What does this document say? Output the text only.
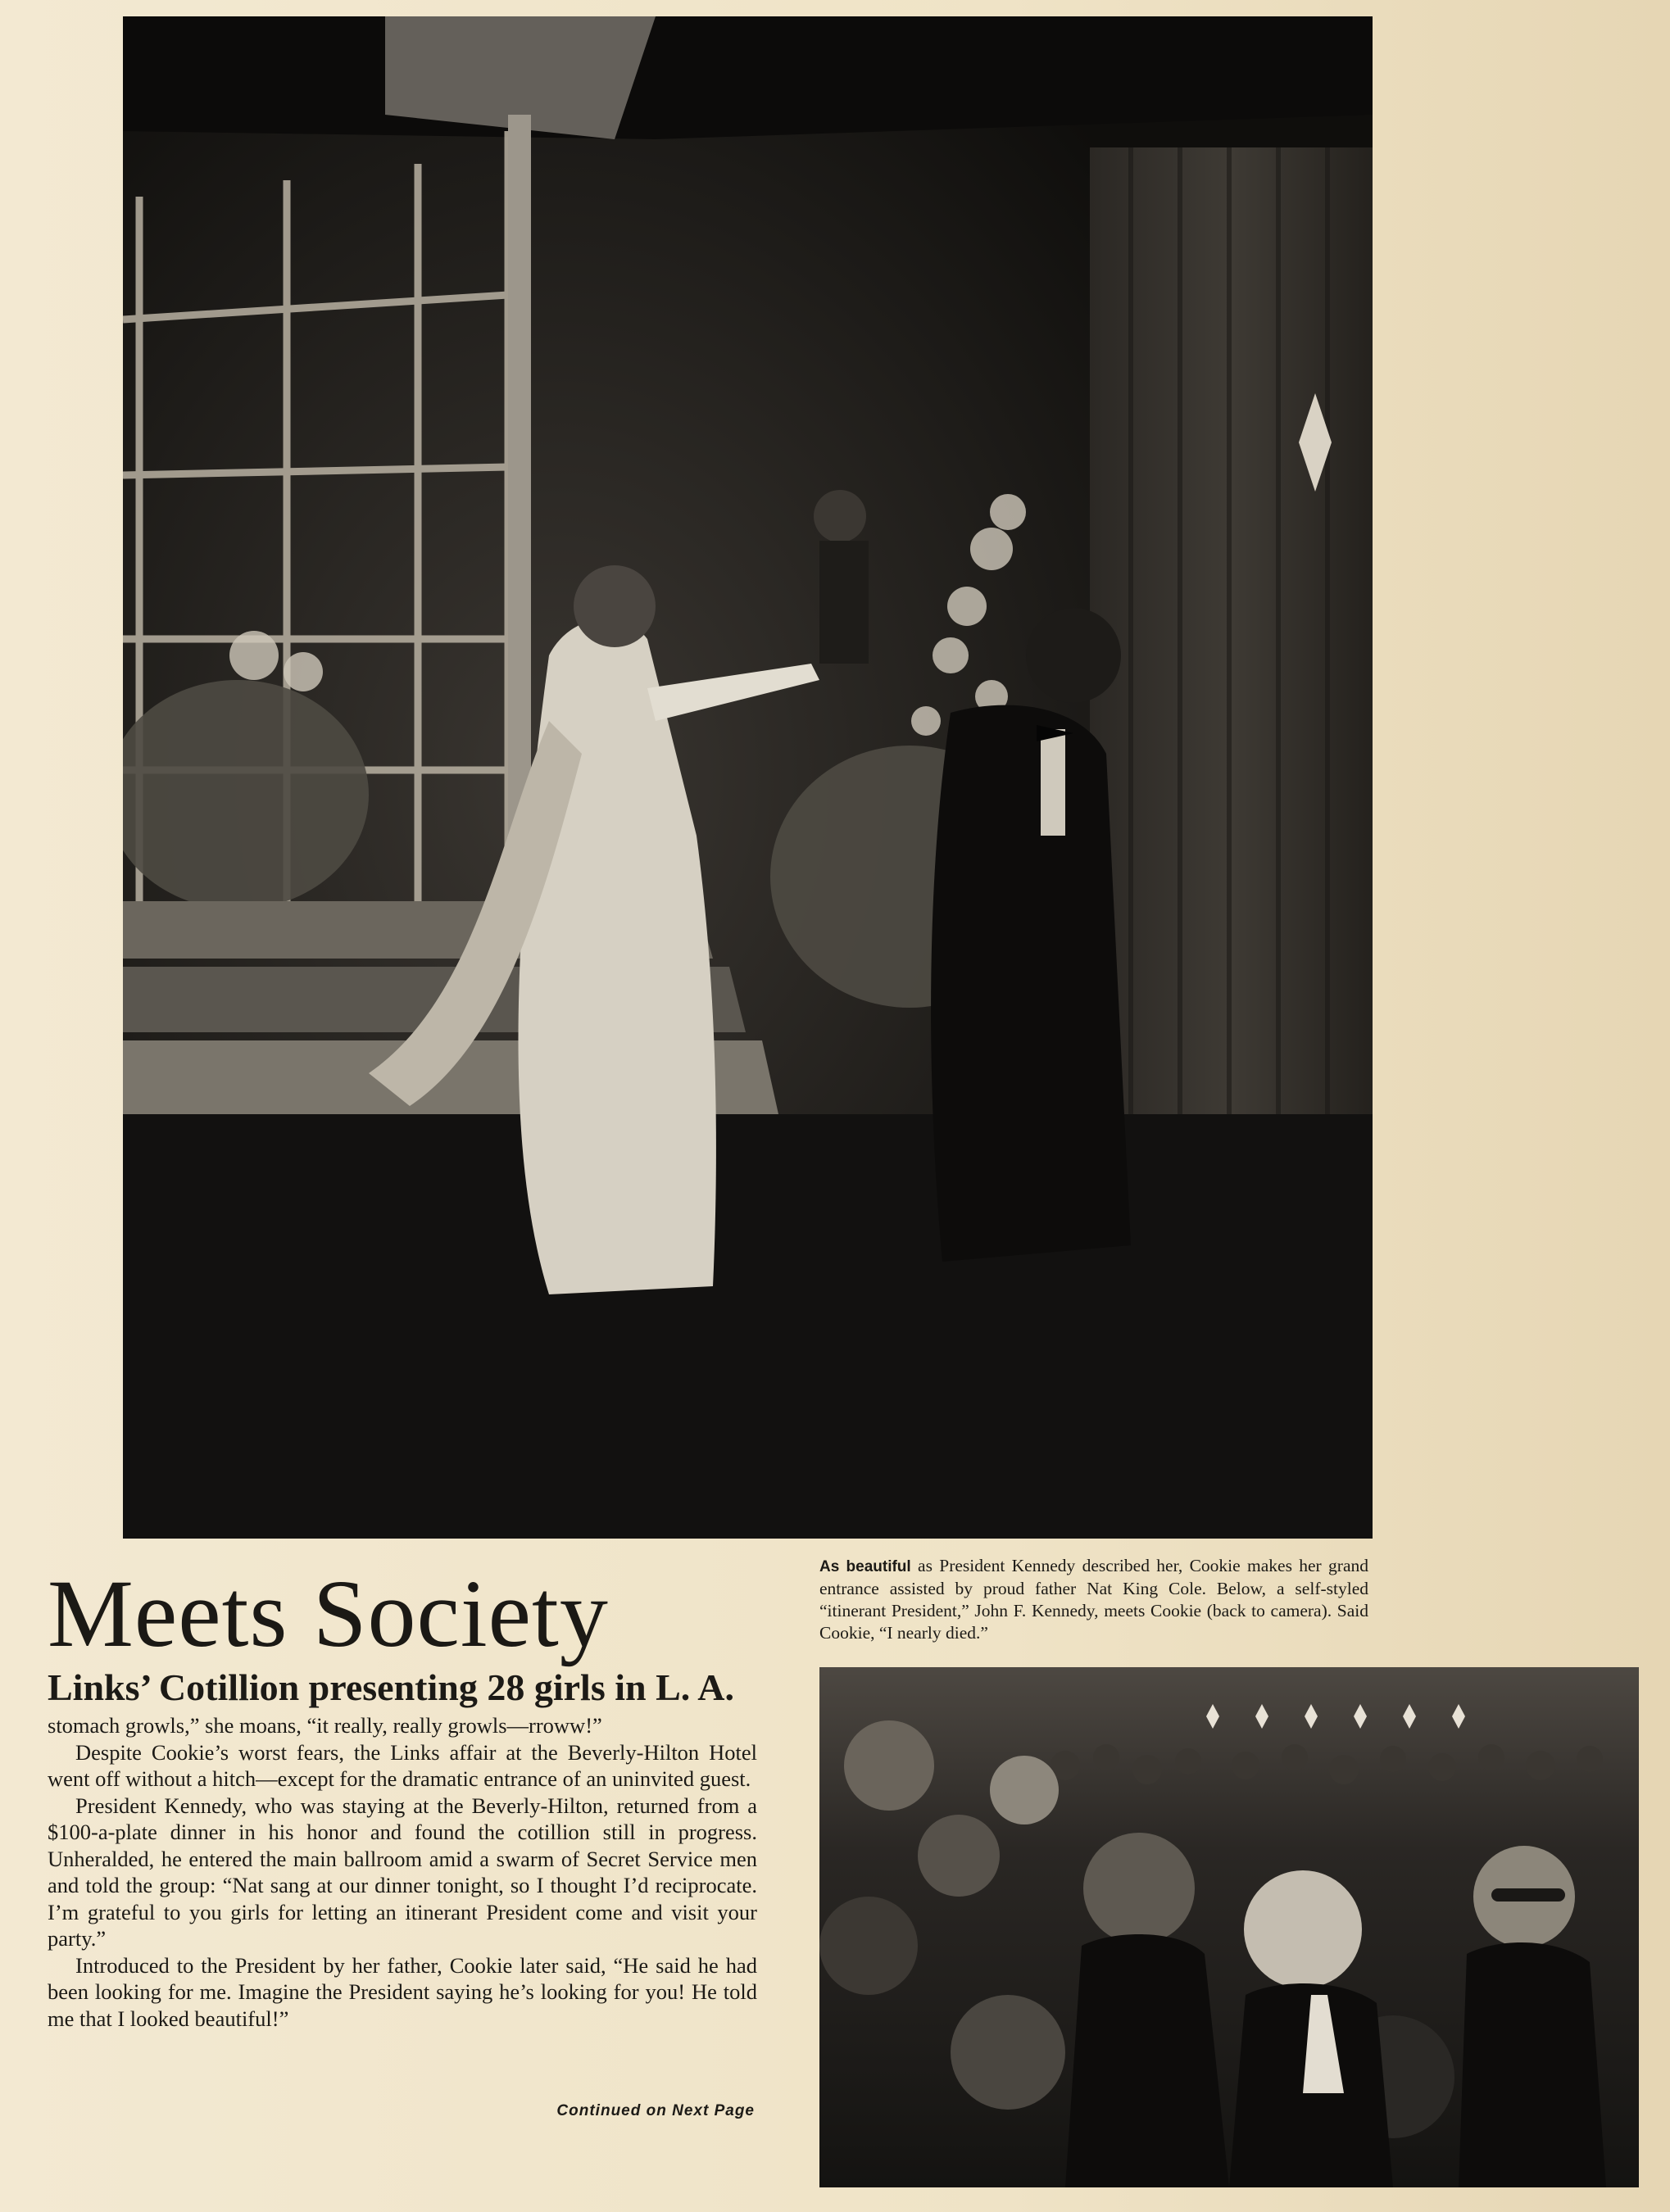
Meets Society
Links’ Cotillion presenting 28 girls in L. A.

stomach growls,” she moans, “it really, really growls—rroww!”

Despite Cookie’s worst fears, the Links affair at the Beverly-Hilton Hotel went off without a hitch—except for the dramatic entrance of an uninvited guest.

President Kennedy, who was staying at the Beverly-Hilton, returned from a $100-a-plate dinner in his honor and found the cotillion still in progress. Unheralded, he entered the main ballroom amid a swarm of Secret Service men and told the group: “Nat sang at our dinner tonight, so I thought I’d reciprocate. I’m grateful to you girls for letting an itinerant President come and visit your party.”

Introduced to the President by her father, Cookie later said, “He said he had been looking for me. Imagine the President saying he’s looking for you! He told me that I looked beautiful!”

Continued on Next Page
As beautiful as President Kennedy described her, Cookie makes her grand entrance assisted by proud father Nat King Cole. Below, a self-styled “itinerant President,” John F. Kennedy, meets Cookie (back to camera). Said Cookie, “I nearly died.”
